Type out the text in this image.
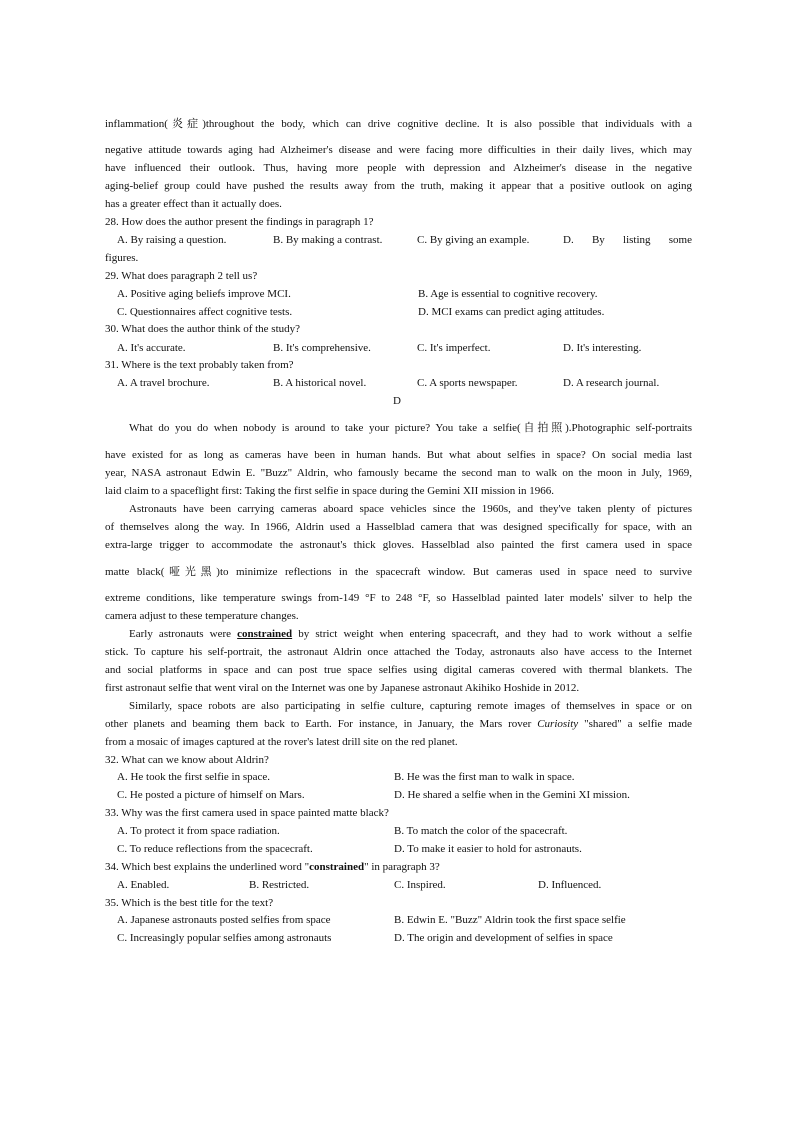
inflammation(炎症)throughout the body, which can drive cognitive decline. It is also possible that individuals with a
negative attitude towards aging had Alzheimer's disease and were facing more difficulties in their daily lives, which may
have influenced their outlook. Thus, having more people with depression and Alzheimer's disease in the negative
aging-belief group could have pushed the results away from the truth, making it appear that a positive outlook on aging
has a greater effect than it actually does.
28. How does the author present the findings in paragraph 1?
A. By raising a question.	B. By making a contrast.	C. By giving an example.	D.   By   listing   some
figures.
29. What does paragraph 2 tell us?
A. Positive aging beliefs improve MCI.	B. Age is essential to cognitive recovery.
C. Questionnaires affect cognitive tests.	D. MCI exams can predict aging attitudes.
30. What does the author think of the study?
A. It's accurate.	B. It's comprehensive.	C. It's imperfect.	D. It's interesting.
31. Where is the text probably taken from?
A. A travel brochure.	B. A historical novel.	C. A sports newspaper.	D. A research journal.
D
What do you do when nobody is around to take your picture? You take a selfie(自拍照).Photographic self-portraits
have existed for as long as cameras have been in human hands. But what about selfies in space? On social media last
year, NASA astronaut Edwin E. "Buzz" Aldrin, who famously became the second man to walk on the moon in July, 1969,
laid claim to a spaceflight first: Taking the first selfie in space during the Gemini XII mission in 1966.
Astronauts have been carrying cameras aboard space vehicles since the 1960s, and they've taken plenty of pictures
of themselves along the way. In 1966, Aldrin used a Hasselblad camera that was designed specifically for space, with an
extra-large trigger to accommodate the astronaut's thick gloves. Hasselblad also painted the first camera used in space
matte black(哑光黑)to minimize reflections in the spacecraft window. But cameras used in space need to survive
extreme conditions, like temperature swings from-149 °F to 248 °F, so Hasselblad painted later models' silver to help the
camera adjust to these temperature changes.
Early astronauts were constrained by strict weight when entering spacecraft, and they had to work without a selfie
stick. To capture his self-portrait, the astronaut Aldrin once attached the Today, astronauts also have access to the Internet
and social platforms in space and can post true space selfies using digital cameras covered with thermal blankets. The
first astronaut selfie that went viral on the Internet was one by Japanese astronaut Akihiko Hoshide in 2012.
Similarly, space robots are also participating in selfie culture, capturing remote images of themselves in space or on
other planets and beaming them back to Earth. For instance, in January, the Mars rover Curiosity "shared" a selfie made
from a mosaic of images captured at the rover's latest drill site on the red planet.
32. What can we know about Aldrin?
A. He took the first selfie in space.	B. He was the first man to walk in space.
C. He posted a picture of himself on Mars.	D. He shared a selfie when in the Gemini XI mission.
33. Why was the first camera used in space painted matte black?
A. To protect it from space radiation.	B. To match the color of the spacecraft.
C. To reduce reflections from the spacecraft.	D. To make it easier to hold for astronauts.
34. Which best explains the underlined word "constrained" in paragraph 3?
A. Enabled.	B. Restricted.	C. Inspired.	D. Influenced.
35. Which is the best title for the text?
A. Japanese astronauts posted selfies from space	B. Edwin E. "Buzz" Aldrin took the first space selfie
C. Increasingly popular selfies among astronauts	D. The origin and development of selfies in space
